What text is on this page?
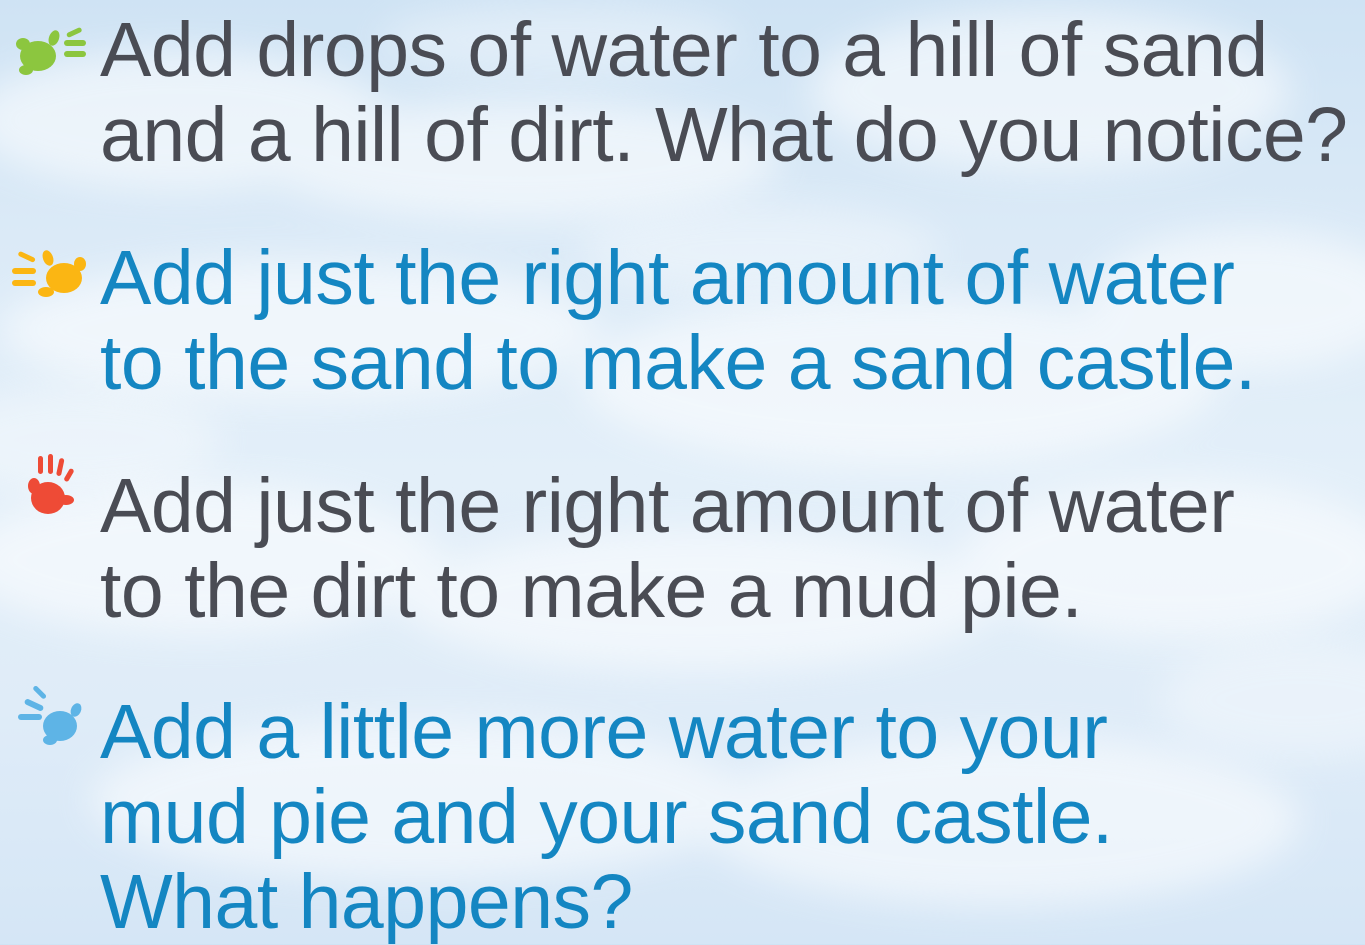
Add drops of water to a hill of sand
and a hill of dirt. What do you notice?
Add just the right amount of water
to the sand to make a sand castle.
Add just the right amount of water
to the dirt to make a mud pie.
Add a little more water to your
mud pie and your sand castle.
What happens?
